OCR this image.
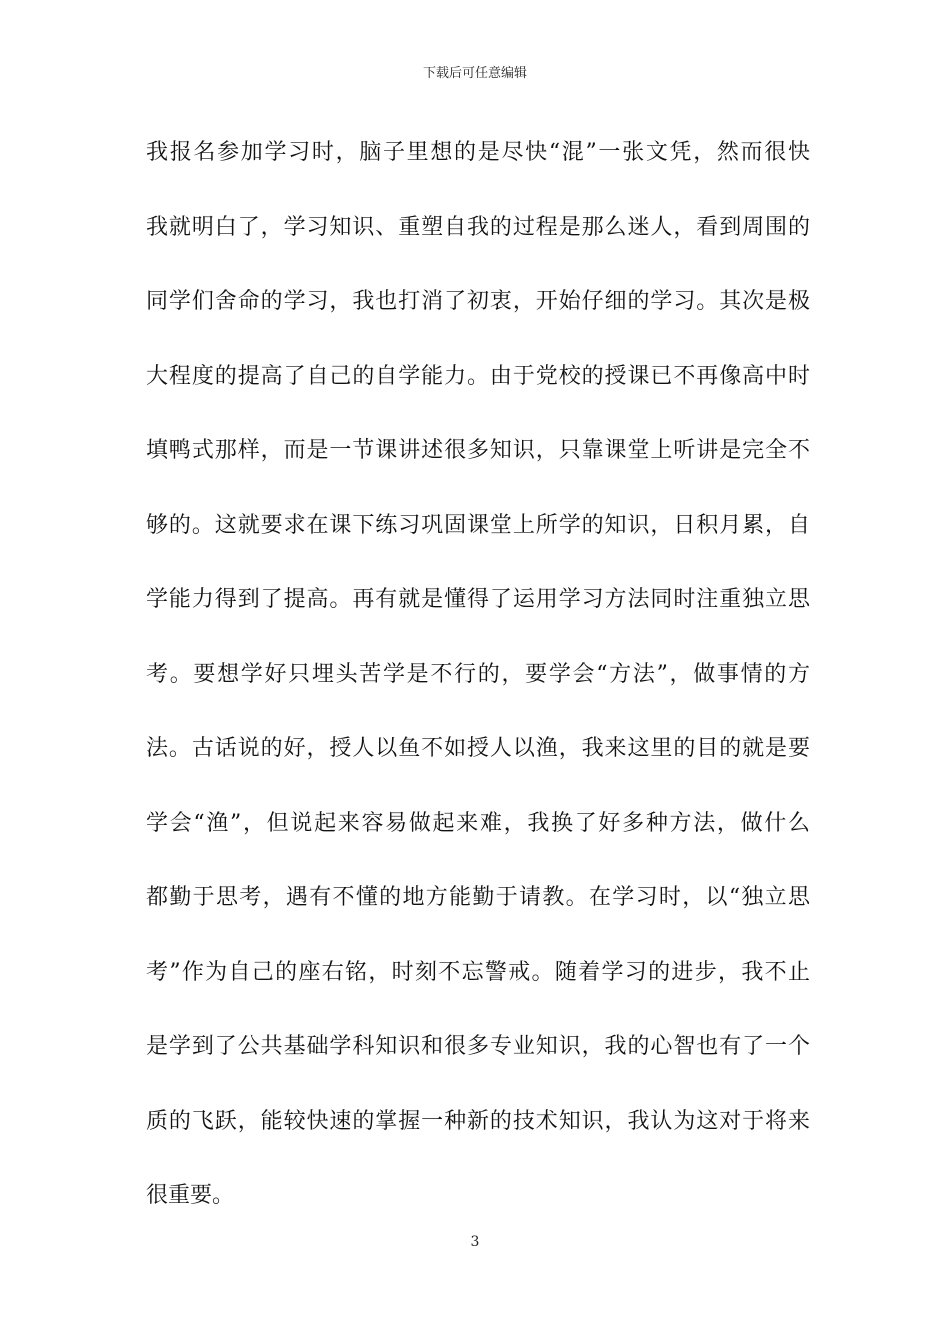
下载后可任意编辑
我报名参加学习时，脑子里想的是尽快“混”一张文凭，然而很快
我就明白了，学习知识、重塑自我的过程是那么迷人，看到周围的
同学们舍命的学习，我也打消了初衷，开始仔细的学习。其次是极
大程度的提高了自己的自学能力。由于党校的授课已不再像高中时
填鸭式那样，而是一节课讲述很多知识，只靠课堂上听讲是完全不
够的。这就要求在课下练习巩固课堂上所学的知识，日积月累，自
学能力得到了提高。再有就是懂得了运用学习方法同时注重独立思
考。要想学好只埋头苦学是不行的，要学会“方法”，做事情的方
法。古话说的好，授人以鱼不如授人以渔，我来这里的目的就是要
学会“渔”，但说起来容易做起来难，我换了好多种方法，做什么
都勤于思考，遇有不懂的地方能勤于请教。在学习时，以“独立思
考”作为自己的座右铭，时刻不忘警戒。随着学习的进步，我不止
是学到了公共基础学科知识和很多专业知识，我的心智也有了一个
质的飞跃，能较快速的掌握一种新的技术知识，我认为这对于将来
很重要。
3
